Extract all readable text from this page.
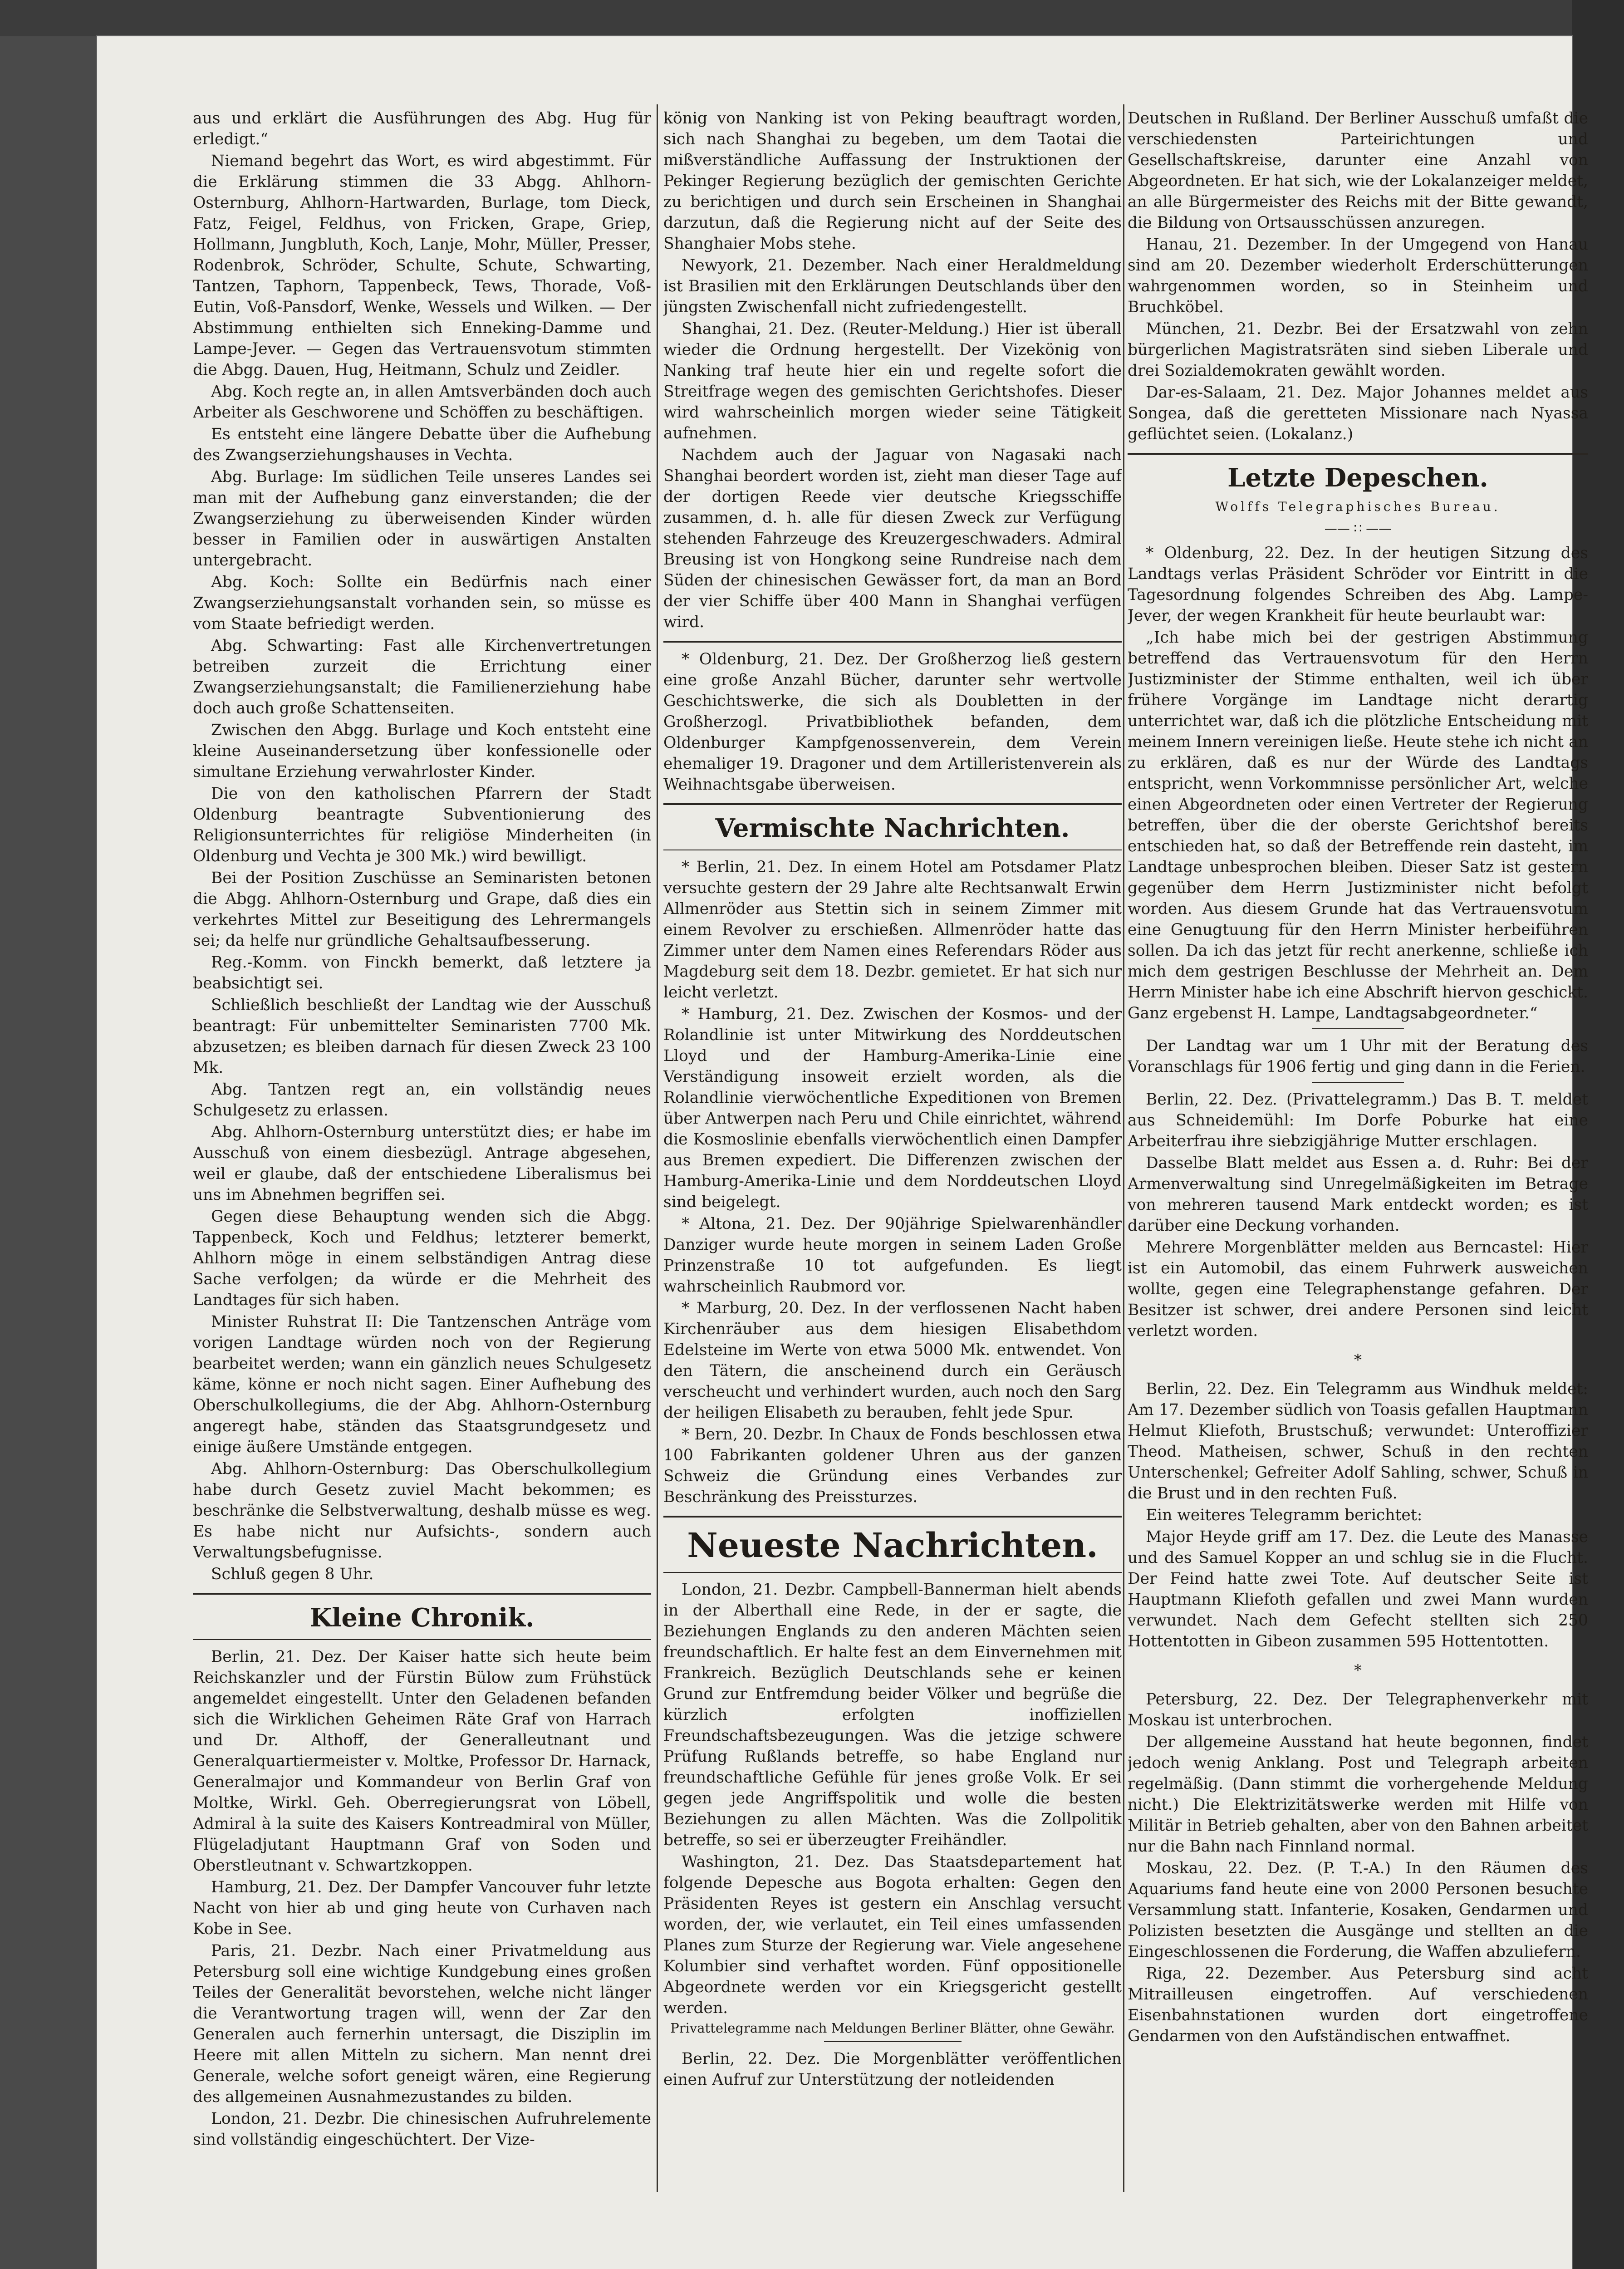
aus und erklärt die Ausführungen des Abg. Hug für erledigt.“

Niemand begehrt das Wort, es wird abgestimmt. Für die Erklärung stimmen die 33 Abgg. Ahlhorn-Osternburg, Ahlhorn-Hartwarden, Burlage, tom Dieck, Fatz, Feigel, Feldhus, von Fricken, Grape, Griep, Hollmann, Jungbluth, Koch, Lanje, Mohr, Müller, Presser, Rodenbrok, Schröder, Schulte, Schute, Schwarting, Tantzen, Taphorn, Tappenbeck, Tews, Thorade, Voß-Eutin, Voß-Pansdorf, Wenke, Wessels und Wilken. — Der Abstimmung enthielten sich Enneking-Damme und Lampe-Jever. — Gegen das Vertrauensvotum stimmten die Abgg. Dauen, Hug, Heitmann, Schulz und Zeidler.

Abg. Koch regte an, in allen Amtsverbänden doch auch Arbeiter als Geschworene und Schöffen zu beschäftigen.

Es entsteht eine längere Debatte über die Aufhebung des Zwangserziehungshauses in Vechta.

Abg. Burlage: Im südlichen Teile unseres Landes sei man mit der Aufhebung ganz einverstanden; die der Zwangserziehung zu überweisenden Kinder würden besser in Familien oder in auswärtigen Anstalten untergebracht.

Abg. Koch: Sollte ein Bedürfnis nach einer Zwangserziehungsanstalt vorhanden sein, so müsse es vom Staate befriedigt werden.

Abg. Schwarting: Fast alle Kirchenvertretungen betreiben zurzeit die Errichtung einer Zwangserziehungsanstalt; die Familienerziehung habe doch auch große Schattenseiten.

Zwischen den Abgg. Burlage und Koch entsteht eine kleine Auseinandersetzung über konfessionelle oder simultane Erziehung verwahrloster Kinder.

Die von den katholischen Pfarrern der Stadt Oldenburg beantragte Subventionierung des Religionsunterrichtes für religiöse Minderheiten (in Oldenburg und Vechta je 300 Mk.) wird bewilligt.

Bei der Position Zuschüsse an Seminaristen betonen die Abgg. Ahlhorn-Osternburg und Grape, daß dies ein verkehrtes Mittel zur Beseitigung des Lehrermangels sei; da helfe nur gründliche Gehaltsaufbesserung.

Reg.-Komm. von Finckh bemerkt, daß letztere ja beabsichtigt sei.

Schließlich beschließt der Landtag wie der Ausschuß beantragt: Für unbemittelter Seminaristen 7700 Mk. abzusetzen; es bleiben darnach für diesen Zweck 23 100 Mk.

Abg. Tantzen regt an, ein vollständig neues Schulgesetz zu erlassen.

Abg. Ahlhorn-Osternburg unterstützt dies; er habe im Ausschuß von einem diesbezügl. Antrage abgesehen, weil er glaube, daß der entschiedene Liberalismus bei uns im Abnehmen begriffen sei.

Gegen diese Behauptung wenden sich die Abgg. Tappenbeck, Koch und Feldhus; letzterer bemerkt, Ahlhorn möge in einem selbständigen Antrag diese Sache verfolgen; da würde er die Mehrheit des Landtages für sich haben.

Minister Ruhstrat II: Die Tantzenschen Anträge vom vorigen Landtage würden noch von der Regierung bearbeitet werden; wann ein gänzlich neues Schulgesetz käme, könne er noch nicht sagen. Einer Aufhebung des Oberschulkollegiums, die der Abg. Ahlhorn-Osternburg angeregt habe, ständen das Staatsgrundgesetz und einige äußere Umstände entgegen.

Abg. Ahlhorn-Osternburg: Das Oberschulkollegium habe durch Gesetz zuviel Macht bekommen; es beschränke die Selbstverwaltung, deshalb müsse es weg. Es habe nicht nur Aufsichts-, sondern auch Verwaltungsbefugnisse.

Schluß gegen 8 Uhr.

Kleine Chronik.

Berlin, 21. Dez. Der Kaiser hatte sich heute beim Reichskanzler und der Fürstin Bülow zum Frühstück angemeldet eingestellt. Unter den Geladenen befanden sich die Wirklichen Geheimen Räte Graf von Harrach und Dr. Althoff, der Generalleutnant und Generalquartiermeister v. Moltke, Professor Dr. Harnack, Generalmajor und Kommandeur von Berlin Graf von Moltke, Wirkl. Geh. Oberregierungsrat von Löbell, Admiral à la suite des Kaisers Kontreadmiral von Müller, Flügeladjutant Hauptmann Graf von Soden und Oberstleutnant v. Schwartzkoppen.

Hamburg, 21. Dez. Der Dampfer Vancouver fuhr letzte Nacht von hier ab und ging heute von Curhaven nach Kobe in See.

Paris, 21. Dezbr. Nach einer Privatmeldung aus Petersburg soll eine wichtige Kundgebung eines großen Teiles der Generalität bevorstehen, welche nicht länger die Verantwortung tragen will, wenn der Zar den Generalen auch fernerhin untersagt, die Disziplin im Heere mit allen Mitteln zu sichern. Man nennt drei Generale, welche sofort geneigt wären, eine Regierung des allgemeinen Ausnahmezustandes zu bilden.

London, 21. Dezbr. Die chinesischen Aufruhrelemente sind vollständig eingeschüchtert. Der Vize-

könig von Nanking ist von Peking beauftragt worden, sich nach Shanghai zu begeben, um dem Taotai die mißverständliche Auffassung der Instruktionen der Pekinger Regierung bezüglich der gemischten Gerichte zu berichtigen und durch sein Erscheinen in Shanghai darzutun, daß die Regierung nicht auf der Seite des Shanghaier Mobs stehe.

Newyork, 21. Dezember. Nach einer Heraldmeldung ist Brasilien mit den Erklärungen Deutschlands über den jüngsten Zwischenfall nicht zufriedengestellt.

Shanghai, 21. Dez. (Reuter-Meldung.) Hier ist überall wieder die Ordnung hergestellt. Der Vizekönig von Nanking traf heute hier ein und regelte sofort die Streitfrage wegen des gemischten Gerichtshofes. Dieser wird wahrscheinlich morgen wieder seine Tätigkeit aufnehmen.

Nachdem auch der Jaguar von Nagasaki nach Shanghai beordert worden ist, zieht man dieser Tage auf der dortigen Reede vier deutsche Kriegsschiffe zusammen, d. h. alle für diesen Zweck zur Verfügung stehenden Fahrzeuge des Kreuzergeschwaders. Admiral Breusing ist von Hongkong seine Rundreise nach dem Süden der chinesischen Gewässer fort, da man an Bord der vier Schiffe über 400 Mann in Shanghai verfügen wird.

* Oldenburg, 21. Dez. Der Großherzog ließ gestern eine große Anzahl Bücher, darunter sehr wertvolle Geschichtswerke, die sich als Doubletten in der Großherzogl. Privatbibliothek befanden, dem Oldenburger Kampfgenossenverein, dem Verein ehemaliger 19. Dragoner und dem Artilleristenverein als Weihnachtsgabe überweisen.

Vermischte Nachrichten.

* Berlin, 21. Dez. In einem Hotel am Potsdamer Platz versuchte gestern der 29 Jahre alte Rechtsanwalt Erwin Allmenröder aus Stettin sich in seinem Zimmer mit einem Revolver zu erschießen. Allmenröder hatte das Zimmer unter dem Namen eines Referendars Röder aus Magdeburg seit dem 18. Dezbr. gemietet. Er hat sich nur leicht verletzt.

* Hamburg, 21. Dez. Zwischen der Kosmos- und der Rolandlinie ist unter Mitwirkung des Norddeutschen Lloyd und der Hamburg-Amerika-Linie eine Verständigung insoweit erzielt worden, als die Rolandlinie vierwöchentliche Expeditionen von Bremen über Antwerpen nach Peru und Chile einrichtet, während die Kosmoslinie ebenfalls vierwöchentlich einen Dampfer aus Bremen expediert. Die Differenzen zwischen der Hamburg-Amerika-Linie und dem Norddeutschen Lloyd sind beigelegt.

* Altona, 21. Dez. Der 90jährige Spielwarenhändler Danziger wurde heute morgen in seinem Laden Große Prinzenstraße 10 tot aufgefunden. Es liegt wahrscheinlich Raubmord vor.

* Marburg, 20. Dez. In der verflossenen Nacht haben Kirchenräuber aus dem hiesigen Elisabethdom Edelsteine im Werte von etwa 5000 Mk. entwendet. Von den Tätern, die anscheinend durch ein Geräusch verscheucht und verhindert wurden, auch noch den Sarg der heiligen Elisabeth zu berauben, fehlt jede Spur.

* Bern, 20. Dezbr. In Chaux de Fonds beschlossen etwa 100 Fabrikanten goldener Uhren aus der ganzen Schweiz die Gründung eines Verbandes zur Beschränkung des Preissturzes.

Neueste Nachrichten.

London, 21. Dezbr. Campbell-Bannerman hielt abends in der Alberthall eine Rede, in der er sagte, die Beziehungen Englands zu den anderen Mächten seien freundschaftlich. Er halte fest an dem Einvernehmen mit Frankreich. Bezüglich Deutschlands sehe er keinen Grund zur Entfremdung beider Völker und begrüße die kürzlich erfolgten inoffiziellen Freundschaftsbezeugungen. Was die jetzige schwere Prüfung Rußlands betreffe, so habe England nur freundschaftliche Gefühle für jenes große Volk. Er sei gegen jede Angriffspolitik und wolle die besten Beziehungen zu allen Mächten. Was die Zollpolitik betreffe, so sei er überzeugter Freihändler.

Washington, 21. Dez. Das Staatsdepartement hat folgende Depesche aus Bogota erhalten: Gegen den Präsidenten Reyes ist gestern ein Anschlag versucht worden, der, wie verlautet, ein Teil eines umfassenden Planes zum Sturze der Regierung war. Viele angesehene Kolumbier sind verhaftet worden. Fünf oppositionelle Abgeordnete werden vor ein Kriegsgericht gestellt werden.

Privattelegramme nach Meldungen Berliner Blätter, ohne Gewähr.

Berlin, 22. Dez. Die Morgenblätter veröffentlichen einen Aufruf zur Unterstützung der notleidenden

Deutschen in Rußland. Der Berliner Ausschuß umfaßt die verschiedensten Parteirichtungen und Gesellschaftskreise, darunter eine Anzahl von Abgeordneten. Er hat sich, wie der Lokalanzeiger meldet, an alle Bürgermeister des Reichs mit der Bitte gewandt, die Bildung von Ortsausschüssen anzuregen.

Hanau, 21. Dezember. In der Umgegend von Hanau sind am 20. Dezember wiederholt Erderschütterungen wahrgenommen worden, so in Steinheim und Bruchköbel.

München, 21. Dezbr. Bei der Ersatzwahl von zehn bürgerlichen Magistratsräten sind sieben Liberale und drei Sozialdemokraten gewählt worden.

Dar-es-Salaam, 21. Dez. Major Johannes meldet aus Songea, daß die geretteten Missionare nach Nyassa geflüchtet seien. (Lokalanz.)

Letzte Depeschen.
Wolffs Telegraphisches Bureau.
—— ∷ ——

* Oldenburg, 22. Dez. In der heutigen Sitzung des Landtags verlas Präsident Schröder vor Eintritt in die Tagesordnung folgendes Schreiben des Abg. Lampe-Jever, der wegen Krankheit für heute beurlaubt war:

„Ich habe mich bei der gestrigen Abstimmung betreffend das Vertrauensvotum für den Herrn Justizminister der Stimme enthalten, weil ich über frühere Vorgänge im Landtage nicht derartig unterrichtet war, daß ich die plötzliche Entscheidung mit meinem Innern vereinigen ließe. Heute stehe ich nicht an zu erklären, daß es nur der Würde des Landtags entspricht, wenn Vorkommnisse persönlicher Art, welche einen Abgeordneten oder einen Vertreter der Regierung betreffen, über die der oberste Gerichtshof bereits entschieden hat, so daß der Betreffende rein dasteht, im Landtage unbesprochen bleiben. Dieser Satz ist gestern gegenüber dem Herrn Justizminister nicht befolgt worden. Aus diesem Grunde hat das Vertrauensvotum eine Genugtuung für den Herrn Minister herbeiführen sollen. Da ich das jetzt für recht anerkenne, schließe ich mich dem gestrigen Beschlusse der Mehrheit an. Dem Herrn Minister habe ich eine Abschrift hiervon geschickt. Ganz ergebenst H. Lampe, Landtagsabgeordneter.“

Der Landtag war um 1 Uhr mit der Beratung des Voranschlags für 1906 fertig und ging dann in die Ferien.

Berlin, 22. Dez. (Privattelegramm.) Das B. T. meldet aus Schneidemühl: Im Dorfe Poburke hat eine Arbeiterfrau ihre siebzigjährige Mutter erschlagen.

Dasselbe Blatt meldet aus Essen a. d. Ruhr: Bei der Armenverwaltung sind Unregelmäßigkeiten im Betrage von mehreren tausend Mark entdeckt worden; es ist darüber eine Deckung vorhanden.

Mehrere Morgenblätter melden aus Berncastel: Hier ist ein Automobil, das einem Fuhrwerk ausweichen wollte, gegen eine Telegraphenstange gefahren. Der Besitzer ist schwer, drei andere Personen sind leicht verletzt worden.

*

Berlin, 22. Dez. Ein Telegramm aus Windhuk meldet: Am 17. Dezember südlich von Toasis gefallen Hauptmann Helmut Kliefoth, Brustschuß; verwundet: Unteroffizier Theod. Matheisen, schwer, Schuß in den rechten Unterschenkel; Gefreiter Adolf Sahling, schwer, Schuß in die Brust und in den rechten Fuß.

Ein weiteres Telegramm berichtet:

Major Heyde griff am 17. Dez. die Leute des Manasse und des Samuel Kopper an und schlug sie in die Flucht. Der Feind hatte zwei Tote. Auf deutscher Seite ist Hauptmann Kliefoth gefallen und zwei Mann wurden verwundet. Nach dem Gefecht stellten sich 250 Hottentotten in Gibeon zusammen 595 Hottentotten.

*

Petersburg, 22. Dez. Der Telegraphenverkehr mit Moskau ist unterbrochen.

Der allgemeine Ausstand hat heute begonnen, findet jedoch wenig Anklang. Post und Telegraph arbeiten regelmäßig. (Dann stimmt die vorhergehende Meldung nicht.) Die Elektrizitätswerke werden mit Hilfe von Militär in Betrieb gehalten, aber von den Bahnen arbeitet nur die Bahn nach Finnland normal.

Moskau, 22. Dez. (P. T.-A.) In den Räumen des Aquariums fand heute eine von 2000 Personen besuchte Versammlung statt. Infanterie, Kosaken, Gendarmen und Polizisten besetzten die Ausgänge und stellten an die Eingeschlossenen die Forderung, die Waffen abzuliefern.

Riga, 22. Dezember. Aus Petersburg sind acht Mitrailleusen eingetroffen. Auf verschiedenen Eisenbahnstationen wurden dort eingetroffene Gendarmen von den Aufständischen entwaffnet.
